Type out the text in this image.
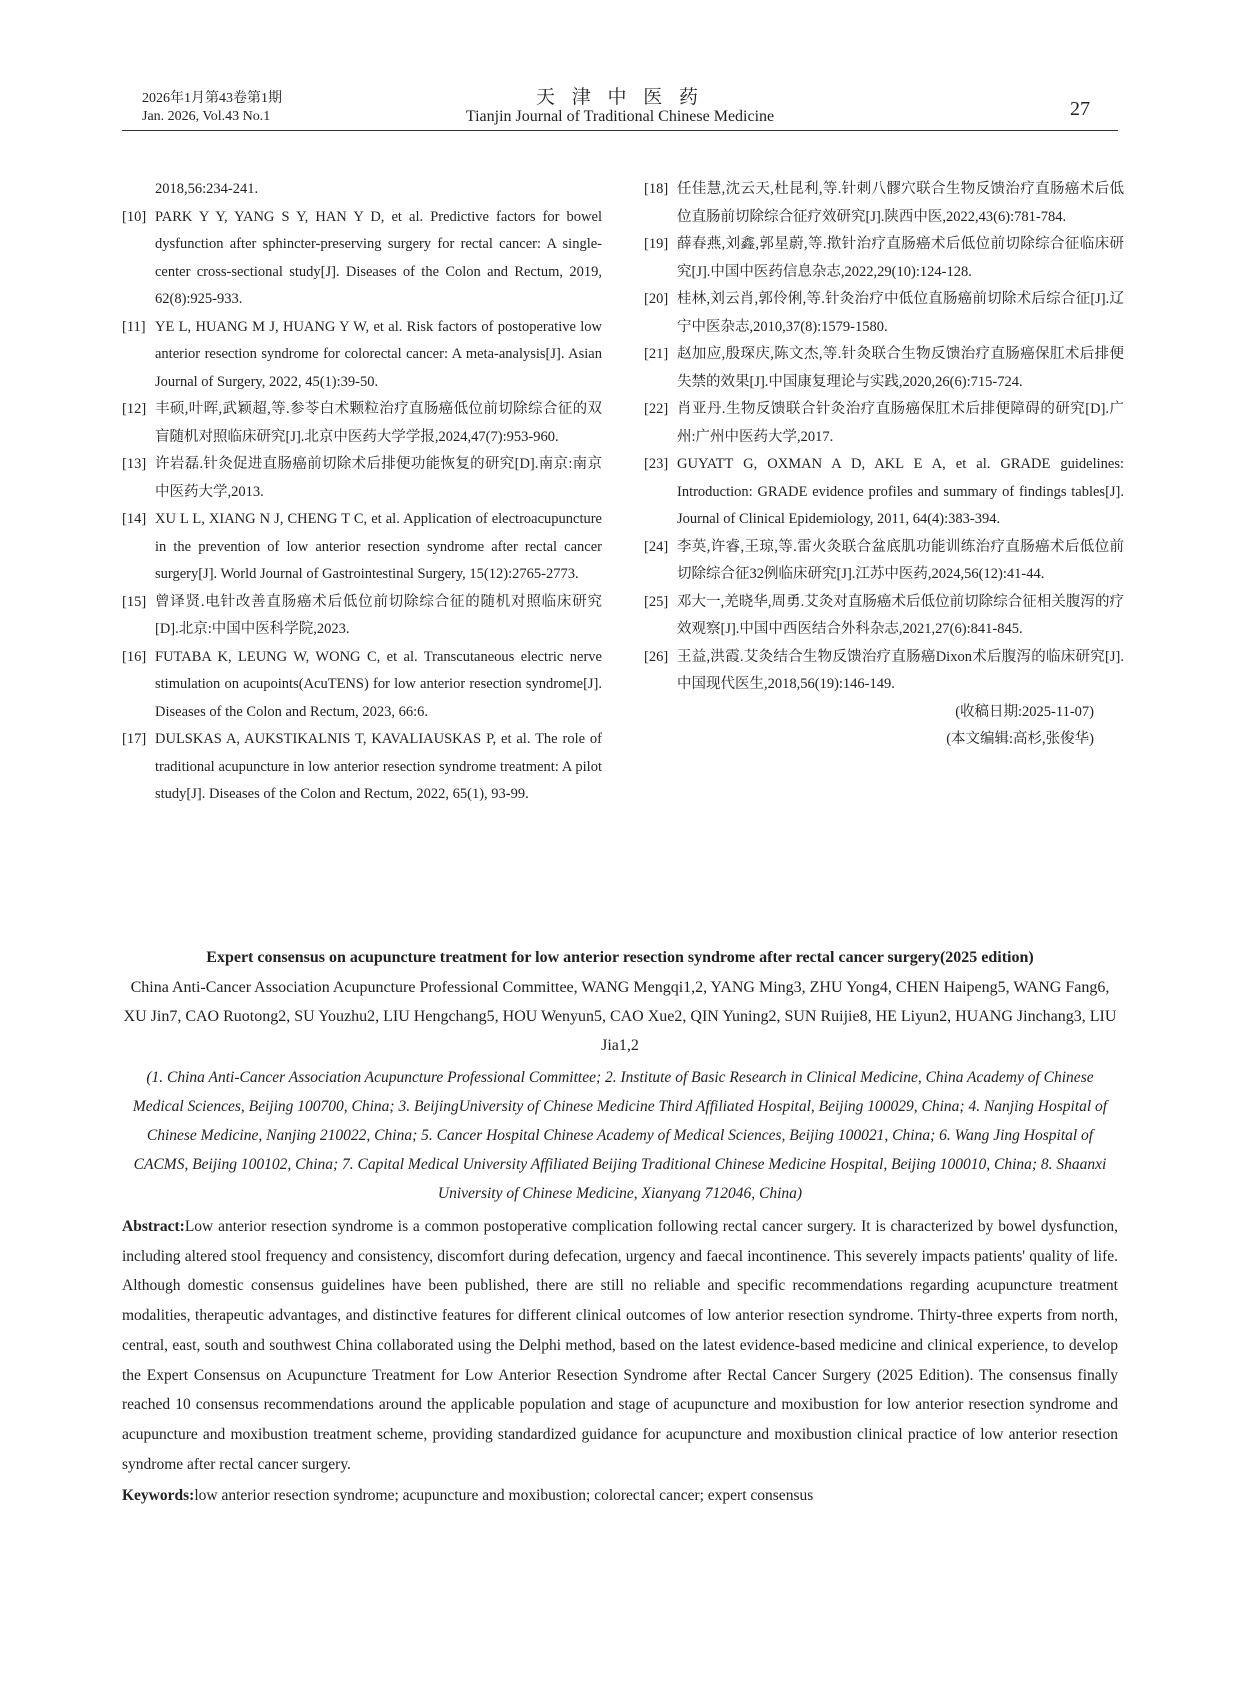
2026年1月第43卷第1期
Jan. 2026, Vol.43 No.1
天 津 中 医 药
Tianjin Journal of Traditional Chinese Medicine	27
2018,56:234-241.
[10] PARK Y Y, YANG S Y, HAN Y D, et al. Predictive factors for bowel dysfunction after sphincter-preserving surgery for rectal cancer: A single-center cross-sectional study[J]. Diseases of the Colon and Rectum, 2019, 62(8):925-933.
[11] YE L, HUANG M J, HUANG Y W, et al. Risk factors of postoperative low anterior resection syndrome for colorectal cancer: A meta-analysis[J]. Asian Journal of Surgery, 2022, 45(1):39-50.
[12] 丰硕,叶晖,武颖超,等.参苓白术颗粒治疗直肠癌低位前切除综合征的双盲随机对照临床研究[J].北京中医药大学学报,2024,47(7):953-960.
[13] 许岩磊.针灸促进直肠癌前切除术后排便功能恢复的研究[D].南京:南京中医药大学,2013.
[14] XU L L, XIANG N J, CHENG T C, et al. Application of electroacupuncture in the prevention of low anterior resection syndrome after rectal cancer surgery[J]. World Journal of Gastrointestinal Surgery, 15(12):2765-2773.
[15] 曾译贤.电针改善直肠癌术后低位前切除综合征的随机对照临床研究[D].北京:中国中医科学院,2023.
[16] FUTABA K, LEUNG W, WONG C, et al. Transcutaneous electric nerve stimulation on acupoints(AcuTENS) for low anterior resection syndrome[J]. Diseases of the Colon and Rectum, 2023, 66:6.
[17] DULSKAS A, AUKSTIKALNIS T, KAVALIAUSKAS P, et al. The role of traditional acupuncture in low anterior resection syndrome treatment: A pilot study[J]. Diseases of the Colon and Rectum, 2022, 65(1), 93-99.
[18] 任佳慧,沈云天,杜昆利,等.针刺八髎穴联合生物反馈治疗直肠癌术后低位直肠前切除综合征疗效研究[J].陕西中医,2022,43(6):781-784.
[19] 薛春燕,刘鑫,郭星蔚,等.揿针治疗直肠癌术后低位前切除综合征临床研究[J].中国中医药信息杂志,2022,29(10):124-128.
[20] 桂林,刘云肖,郭伶俐,等.针灸治疗中低位直肠癌前切除术后综合征[J].辽宁中医杂志,2010,37(8):1579-1580.
[21] 赵加应,殷琛庆,陈文杰,等.针灸联合生物反馈治疗直肠癌保肛术后排便失禁的效果[J].中国康复理论与实践,2020,26(6):715-724.
[22] 肖亚丹.生物反馈联合针灸治疗直肠癌保肛术后排便障碍的研究[D].广州:广州中医药大学,2017.
[23] GUYATT G, OXMAN A D, AKL E A, et al. GRADE guidelines: Introduction: GRADE evidence profiles and summary of findings tables[J]. Journal of Clinical Epidemiology, 2011, 64(4):383-394.
[24] 李英,许睿,王琼,等.雷火灸联合盆底肌功能训练治疗直肠癌术后低位前切除综合征32例临床研究[J].江苏中医药,2024,56(12):41-44.
[25] 邓大一,羌晓华,周勇.艾灸对直肠癌术后低位前切除综合征相关腹泻的疗效观察[J].中国中西医结合外科杂志,2021,27(6):841-845.
[26] 王益,洪霞.艾灸结合生物反馈治疗直肠癌Dixon术后腹泻的临床研究[J].中国现代医生,2018,56(19):146-149.
(收稿日期:2025-11-07)
(本文编辑:高杉,张俊华)
Expert consensus on acupuncture treatment for low anterior resection syndrome after rectal cancer surgery(2025 edition)
China Anti-Cancer Association Acupuncture Professional Committee, WANG Mengqi1,2, YANG Ming3, ZHU Yong4, CHEN Haipeng5, WANG Fang6, XU Jin7, CAO Ruotong2, SU Youzhu2, LIU Hengchang5, HOU Wenyun5, CAO Xue2, QIN Yuning2, SUN Ruijie8, HE Liyun2, HUANG Jinchang3, LIU Jia1,2
(1. China Anti-Cancer Association Acupuncture Professional Committee; 2. Institute of Basic Research in Clinical Medicine, China Academy of Chinese Medical Sciences, Beijing 100700, China; 3. BeijingUniversity of Chinese Medicine Third Affiliated Hospital, Beijing 100029, China; 4. Nanjing Hospital of Chinese Medicine, Nanjing 210022, China; 5. Cancer Hospital Chinese Academy of Medical Sciences, Beijing 100021, China; 6. Wang Jing Hospital of CACMS, Beijing 100102, China; 7. Capital Medical University Affiliated Beijing Traditional Chinese Medicine Hospital, Beijing 100010, China; 8. Shaanxi University of Chinese Medicine, Xianyang 712046, China)
Abstract:Low anterior resection syndrome is a common postoperative complication following rectal cancer surgery. It is characterized by bowel dysfunction, including altered stool frequency and consistency, discomfort during defecation, urgency and faecal incontinence. This severely impacts patients' quality of life. Although domestic consensus guidelines have been published, there are still no reliable and specific recommendations regarding acupuncture treatment modalities, therapeutic advantages, and distinctive features for different clinical outcomes of low anterior resection syndrome. Thirty-three experts from north, central, east, south and southwest China collaborated using the Delphi method, based on the latest evidence-based medicine and clinical experience, to develop the Expert Consensus on Acupuncture Treatment for Low Anterior Resection Syndrome after Rectal Cancer Surgery (2025 Edition). The consensus finally reached 10 consensus recommendations around the applicable population and stage of acupuncture and moxibustion for low anterior resection syndrome and acupuncture and moxibustion treatment scheme, providing standardized guidance for acupuncture and moxibustion clinical practice of low anterior resection syndrome after rectal cancer surgery.
Keywords:low anterior resection syndrome; acupuncture and moxibustion; colorectal cancer; expert consensus
